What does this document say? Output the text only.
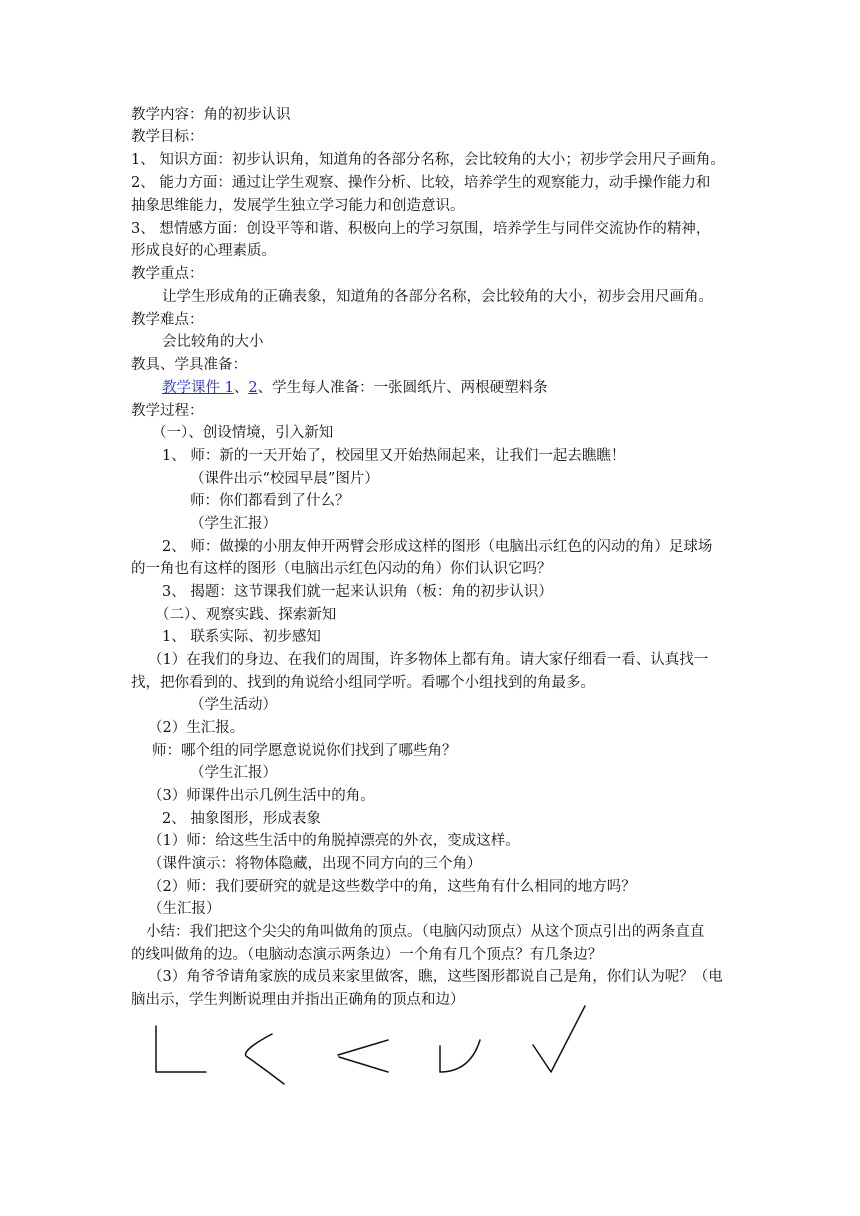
教学内容：角的初步认识
教学目标：
1、 知识方面：初步认识角，知道角的各部分名称，会比较角的大小；初步学会用尺子画角。
2、 能力方面：通过让学生观察、操作分析、比较，培养学生的观察能力，动手操作能力和
抽象思维能力，发展学生独立学习能力和创造意识。
3、 想情感方面：创设平等和谐、积极向上的学习氛围，培养学生与同伴交流协作的精神，
形成良好的心理素质。
教学重点：
让学生形成角的正确表象，知道角的各部分名称，会比较角的大小，初步会用尺画角。
教学难点：
会比较角的大小
教具、学具准备：
教学课件 1、2、学生每人准备：一张圆纸片、两根硬塑料条
教学过程：
（一）、创设情境，引入新知
1、 师：新的一天开始了，校园里又开始热闹起来，让我们一起去瞧瞧！
（课件出示“校园早晨”图片）
师：你们都看到了什么？
（学生汇报）
2、 师：做操的小朋友伸开两臂会形成这样的图形（电脑出示红色的闪动的角）足球场
的一角也有这样的图形（电脑出示红色闪动的角）你们认识它吗？
3、 揭题：这节课我们就一起来认识角（板：角的初步认识）
（二）、观察实践、探索新知
1、 联系实际、初步感知
（1）在我们的身边、在我们的周围，许多物体上都有角。请大家仔细看一看、认真找一
找，把你看到的、找到的角说给小组同学听。看哪个小组找到的角最多。
（学生活动）
（2）生汇报。
师：哪个组的同学愿意说说你们找到了哪些角？
（学生汇报）
（3）师课件出示几例生活中的角。
2、 抽象图形，形成表象
（1）师：给这些生活中的角脱掉漂亮的外衣，变成这样。
（课件演示：将物体隐藏，出现不同方向的三个角）
（2）师：我们要研究的就是这些数学中的角，这些角有什么相同的地方吗？
（生汇报）
小结：我们把这个尖尖的角叫做角的顶点。（电脑闪动顶点）从这个顶点引出的两条直直
的线叫做角的边。（电脑动态演示两条边）一个角有几个顶点？有几条边？
（3）角爷爷请角家族的成员来家里做客，瞧，这些图形都说自己是角，你们认为呢？（电
脑出示，学生判断说理由并指出正确角的顶点和边）
